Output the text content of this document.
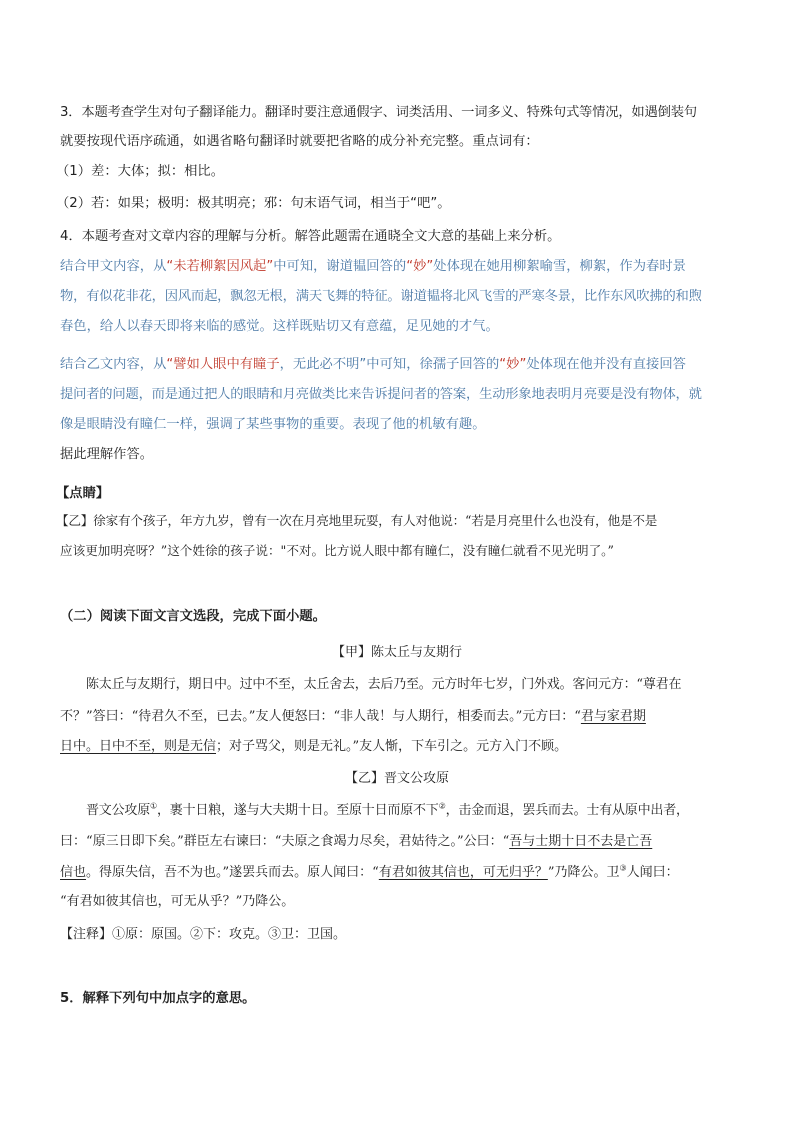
3．本题考查学生对句子翻译能力。翻译时要注意通假字、词类活用、一词多义、特殊句式等情况，如遇倒装句

就要按现代语序疏通，如遇省略句翻译时就要把省略的成分补充完整。重点词有：

（1）差：大体；拟：相比。

（2）若：如果；极明：极其明亮；邪：句末语气词，相当于“吧”。

4．本题考查对文章内容的理解与分析。解答此题需在通晓全文大意的基础上来分析。

结合甲文内容，从“未若柳絮因风起”中可知，谢道韫回答的“妙”处体现在她用柳絮喻雪，柳絮，作为春时景

物，有似花非花，因风而起，飘忽无根，满天飞舞的特征。谢道韫将北风飞雪的严寒冬景，比作东风吹拂的和煦

春色，给人以春天即将来临的感觉。这样既贴切又有意蕴，足见她的才气。

结合乙文内容，从“譬如人眼中有瞳子，无此必不明”中可知，徐孺子回答的“妙”处体现在他并没有直接回答

提问者的问题，而是通过把人的眼睛和月亮做类比来告诉提问者的答案，生动形象地表明月亮要是没有物体，就

像是眼睛没有瞳仁一样，强调了某些事物的重要。表现了他的机敏有趣。

据此理解作答。

【点睛】

【乙】徐家有个孩子，年方九岁，曾有一次在月亮地里玩耍，有人对他说：“若是月亮里什么也没有，他是不是

应该更加明亮呀？”这个姓徐的孩子说："不对。比方说人眼中都有瞳仁，没有瞳仁就看不见光明了。”

（二）阅读下面文言文选段，完成下面小题。

【甲】陈太丘与友期行

陈太丘与友期行，期日中。过中不至，太丘舍去，去后乃至。元方时年七岁，门外戏。客问元方：“尊君在

不？”答曰：“待君久不至，已去。”友人便怒曰：“非人哉！与人期行，相委而去。”元方曰：“君与家君期

日中。日中不至，则是无信；对子骂父，则是无礼。”友人惭，下车引之。元方入门不顾。

【乙】晋文公攻原

晋文公攻原①，裹十日粮，遂与大夫期十日。至原十日而原不下②，击金而退，罢兵而去。士有从原中出者，

曰：“原三日即下矣。”群臣左右谏曰：“夫原之食竭力尽矣，君姑待之。”公曰：“吾与士期十日不去是亡吾

信也。得原失信，吾不为也。”遂罢兵而去。原人闻曰：“有君如彼其信也，可无归乎？”乃降公。卫③人闻曰：

“有君如彼其信也，可无从乎？”乃降公。

【注释】①原：原国。②下：攻克。③卫：卫国。

5．解释下列句中加点字的意思。
